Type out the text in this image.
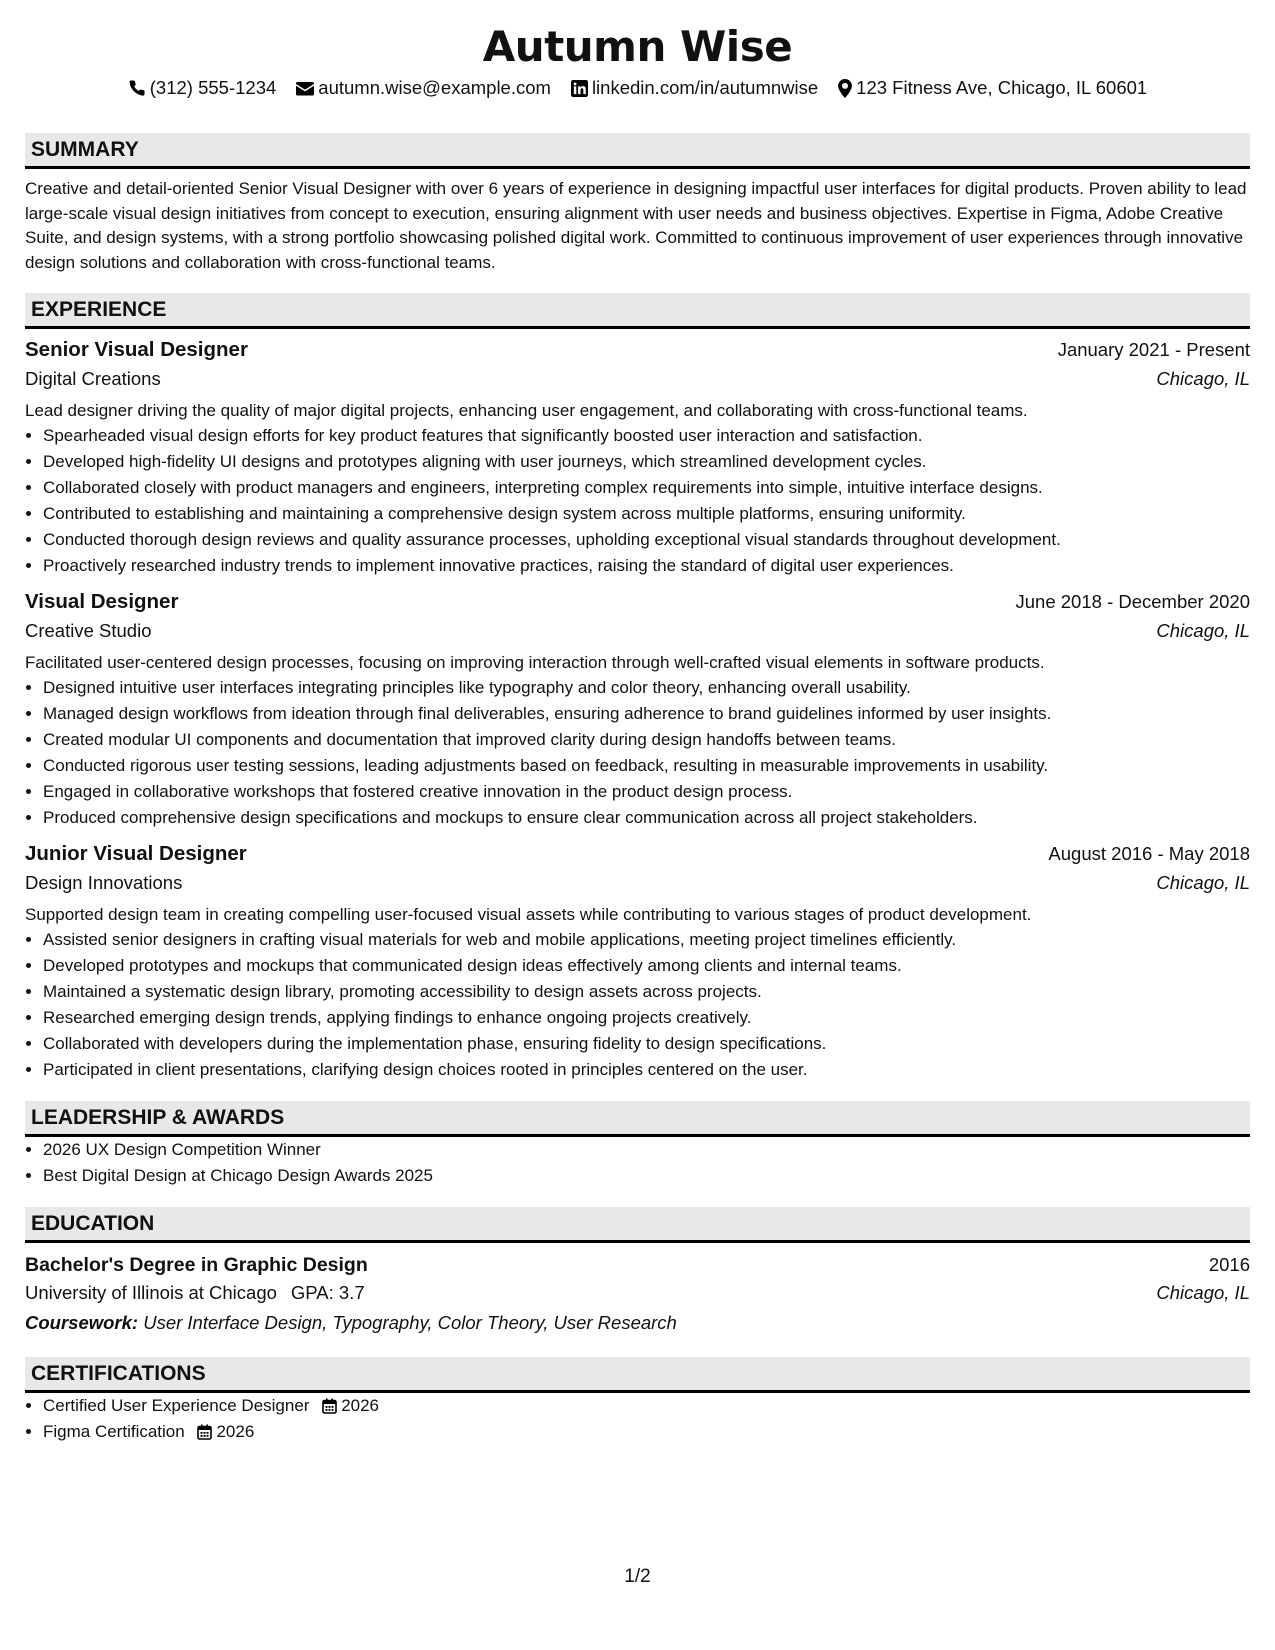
Autumn Wise
(312) 555-1234 autumn.wise@example.com linkedin.com/in/autumnwise 123 Fitness Ave, Chicago, IL 60601
SUMMARY
Creative and detail-oriented Senior Visual Designer with over 6 years of experience in designing impactful user interfaces for digital products. Proven ability to lead large-scale visual design initiatives from concept to execution, ensuring alignment with user needs and business objectives. Expertise in Figma, Adobe Creative Suite, and design systems, with a strong portfolio showcasing polished digital work. Committed to continuous improvement of user experiences through innovative design solutions and collaboration with cross-functional teams.
EXPERIENCE
Senior Visual Designer	January 2021 - Present
Digital Creations	Chicago, IL
Lead designer driving the quality of major digital projects, enhancing user engagement, and collaborating with cross-functional teams.
• Spearheaded visual design efforts for key product features that significantly boosted user interaction and satisfaction.
• Developed high-fidelity UI designs and prototypes aligning with user journeys, which streamlined development cycles.
• Collaborated closely with product managers and engineers, interpreting complex requirements into simple, intuitive interface designs.
• Contributed to establishing and maintaining a comprehensive design system across multiple platforms, ensuring uniformity.
• Conducted thorough design reviews and quality assurance processes, upholding exceptional visual standards throughout development.
• Proactively researched industry trends to implement innovative practices, raising the standard of digital user experiences.
Visual Designer	June 2018 - December 2020
Creative Studio	Chicago, IL
Facilitated user-centered design processes, focusing on improving interaction through well-crafted visual elements in software products.
• Designed intuitive user interfaces integrating principles like typography and color theory, enhancing overall usability.
• Managed design workflows from ideation through final deliverables, ensuring adherence to brand guidelines informed by user insights.
• Created modular UI components and documentation that improved clarity during design handoffs between teams.
• Conducted rigorous user testing sessions, leading adjustments based on feedback, resulting in measurable improvements in usability.
• Engaged in collaborative workshops that fostered creative innovation in the product design process.
• Produced comprehensive design specifications and mockups to ensure clear communication across all project stakeholders.
Junior Visual Designer	August 2016 - May 2018
Design Innovations	Chicago, IL
Supported design team in creating compelling user-focused visual assets while contributing to various stages of product development.
• Assisted senior designers in crafting visual materials for web and mobile applications, meeting project timelines efficiently.
• Developed prototypes and mockups that communicated design ideas effectively among clients and internal teams.
• Maintained a systematic design library, promoting accessibility to design assets across projects.
• Researched emerging design trends, applying findings to enhance ongoing projects creatively.
• Collaborated with developers during the implementation phase, ensuring fidelity to design specifications.
• Participated in client presentations, clarifying design choices rooted in principles centered on the user.
LEADERSHIP & AWARDS
• 2026 UX Design Competition Winner
• Best Digital Design at Chicago Design Awards 2025
EDUCATION
Bachelor's Degree in Graphic Design	2016
University of Illinois at Chicago GPA: 3.7	Chicago, IL
Coursework: User Interface Design, Typography, Color Theory, User Research
CERTIFICATIONS
• Certified User Experience Designer 2026
• Figma Certification 2026
1/2
